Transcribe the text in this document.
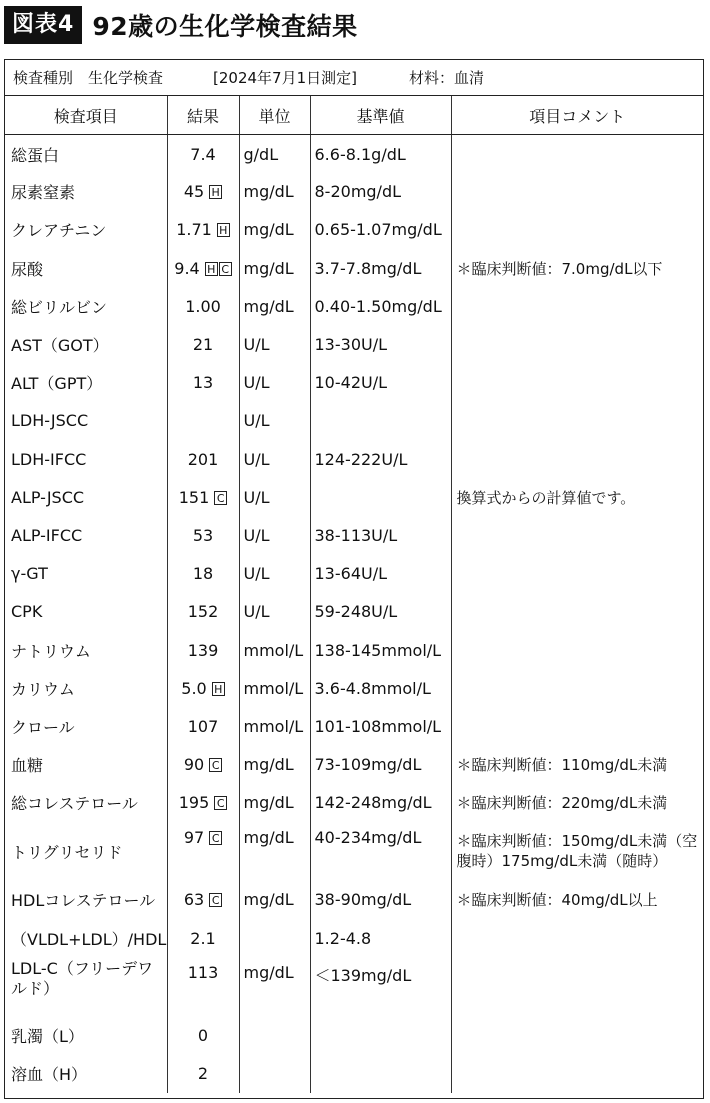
図表4 92歳の生化学検査結果
検査種別　生化学検査	[2024年7月1日測定]	材料：血清
検査項目	結果	単位	基準値	項目コメント
総蛋白	7.4	g/dL	6.6-8.1g/dL	
尿素窒素	45 H	mg/dL	8-20mg/dL	
クレアチニン	1.71 H	mg/dL	0.65-1.07mg/dL	
尿酸	9.4 H C	mg/dL	3.7-7.8mg/dL	＊臨床判断値：7.0mg/dL以下
総ビリルビン	1.00	mg/dL	0.40-1.50mg/dL	
AST（GOT）	21	U/L	13-30U/L	
ALT（GPT）	13	U/L	10-42U/L	
LDH-JSCC		U/L		
LDH-IFCC	201	U/L	124-222U/L	
ALP-JSCC	151 C	U/L		換算式からの計算値です。
ALP-IFCC	53	U/L	38-113U/L	
γ-GT	18	U/L	13-64U/L	
CPK	152	U/L	59-248U/L	
ナトリウム	139	mmol/L	138-145mmol/L	
カリウム	5.0 H	mmol/L	3.6-4.8mmol/L	
クロール	107	mmol/L	101-108mmol/L	
血糖	90 C	mg/dL	73-109mg/dL	＊臨床判断値：110mg/dL未満
総コレステロール	195 C	mg/dL	142-248mg/dL	＊臨床判断値：220mg/dL未満
トリグリセリド	97 C	mg/dL	40-234mg/dL	＊臨床判断値：150mg/dL未満（空腹時）175mg/dL未満（随時）
HDLコレステロール	63 C	mg/dL	38-90mg/dL	＊臨床判断値：40mg/dL以上
（VLDL+LDL）/HDL	2.1		1.2-4.8	
LDL-C（フリーデワルド）	113	mg/dL	＜139mg/dL	
乳濁（L）	0			
溶血（H）	2			
